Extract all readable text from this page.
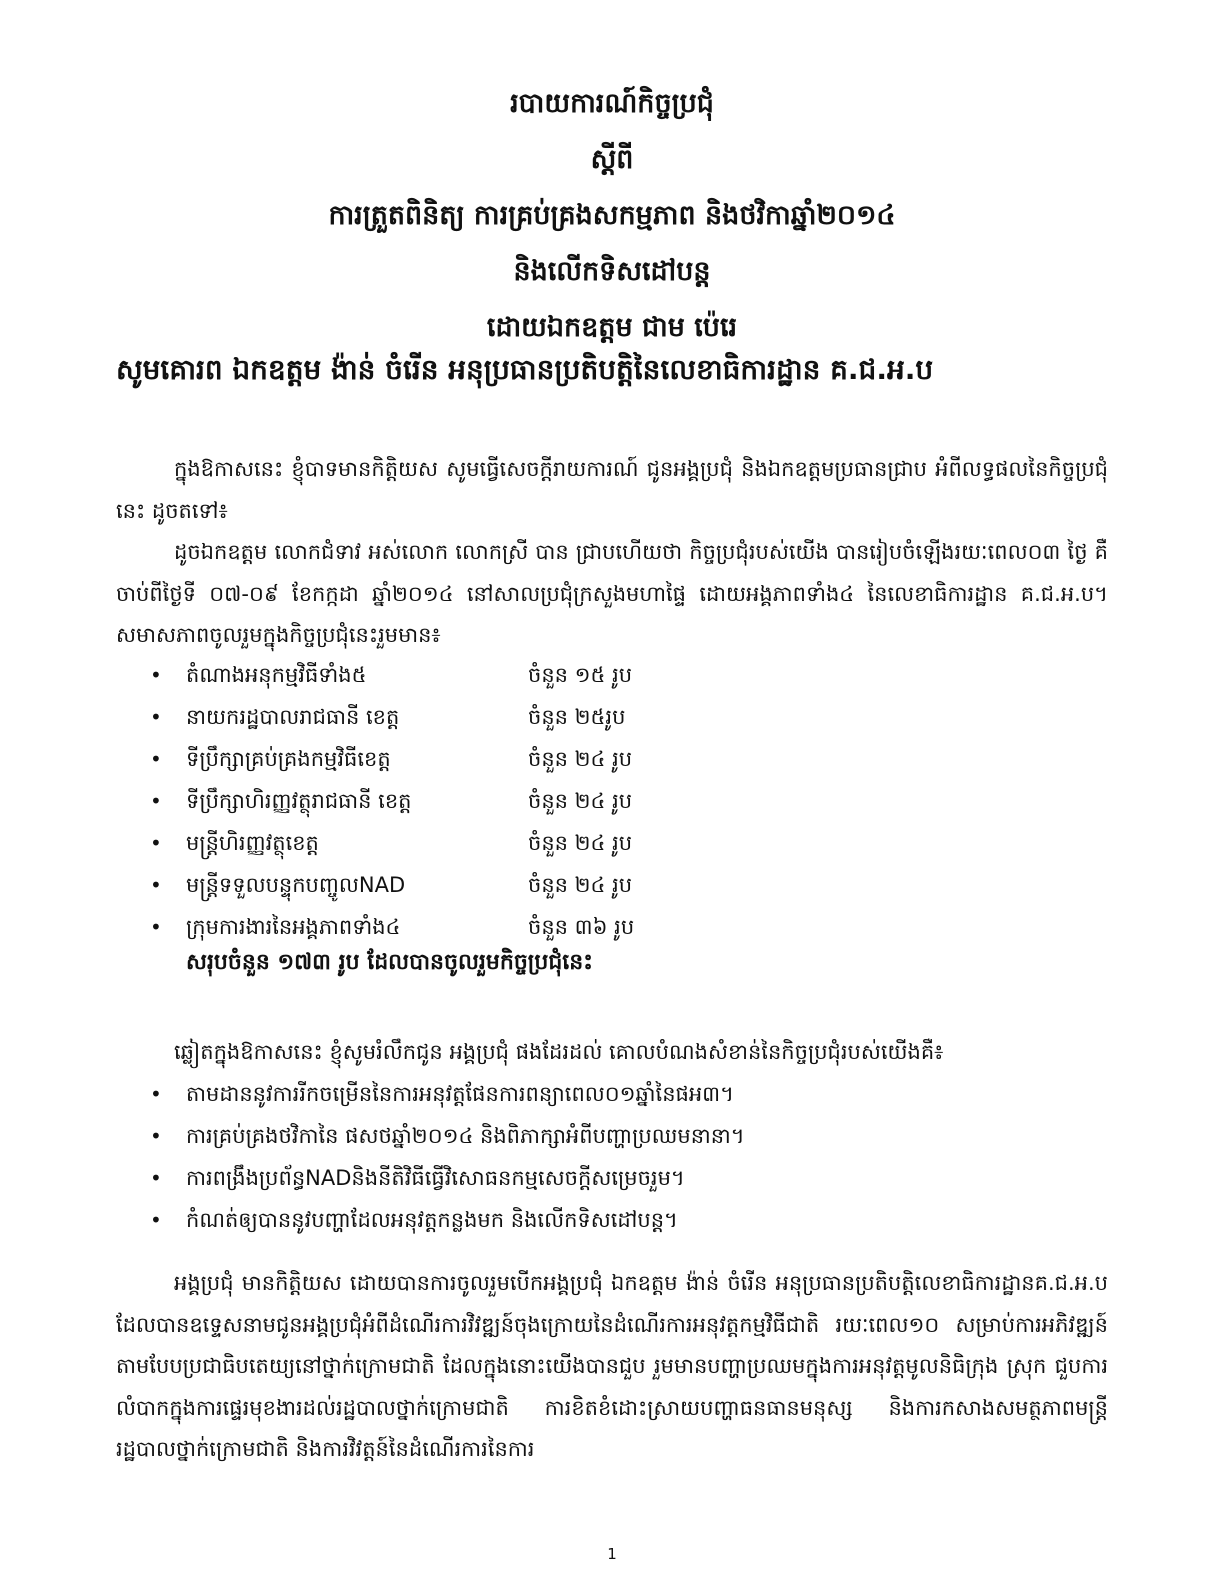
របាយការណ៍កិច្ចប្រជុំ
ស្តីពី
ការត្រួតពិនិត្យ ការគ្រប់គ្រងសកម្មភាព និងថវិកាឆ្នាំ២០១៤
និងលើកទិសដៅបន្ត
ដោយឯកឧត្តម ជាម ប៉េរេ
សូមគោរព ឯកឧត្តម ង៉ាន់ ចំរើន អនុប្រធានប្រតិបត្តិនៃលេខាធិការដ្ឋាន គ.ជ.អ.ប

ក្នុងឱកាសនេះ ខ្ញុំបាទមានកិត្តិយស សូមធ្វើសេចក្តីរាយការណ៍ ជូនអង្គប្រជុំ និងឯកឧត្តមប្រធានជ្រាប អំពីលទ្ធផលនៃកិច្ចប្រជុំនេះ ដូចតទៅ៖

ដូចឯកឧត្តម លោកជំទាវ អស់លោក លោកស្រី បាន ជ្រាបហើយថា កិច្ចប្រជុំរបស់យើង បានរៀបចំឡើងរយៈពេល០៣ ថ្ងៃ គឺចាប់ពីថ្ងៃទី ០៧-០៩ ខែកក្កដា ឆ្នាំ២០១៤ នៅសាលប្រជុំក្រសួងមហាផ្ទៃ ដោយអង្គភាពទាំង៤ នៃលេខាធិការដ្ឋាន គ.ជ.អ.ប។ សមាសភាពចូលរួមក្នុងកិច្ចប្រជុំនេះរួមមាន៖

• តំណាងអនុកម្មវិធីទាំង៥	ចំនួន ១៥ រូប
• នាយករដ្ឋបាលរាជធានី ខេត្ត	ចំនួន ២៥រូប
• ទីប្រឹក្សាគ្រប់គ្រងកម្មវិធីខេត្ត	ចំនួន ២៤ រូប
• ទីប្រឹក្សាហិរញ្ញវត្ថុរាជធានី ខេត្ត	ចំនួន ២៤ រូប
• មន្ត្រីហិរញ្ញវត្ថុខេត្ត	ចំនួន ២៤ រូប
• មន្ត្រីទទួលបន្ទុកបញ្ចូលNAD	ចំនួន ២៤ រូប
• ក្រុមការងារនៃអង្គភាពទាំង៤	ចំនួន ៣៦ រូប
សរុបចំនួន ១៧៣ រូប ដែលបានចូលរួមកិច្ចប្រជុំនេះ

ឆ្លៀតក្នុងឱកាសនេះ ខ្ញុំសូមរំលឹកជូន អង្គប្រជុំ ផងដែរដល់ គោលបំណងសំខាន់នៃកិច្ចប្រជុំរបស់យើងគឺ៖

• តាមដាននូវការរីកចម្រើននៃការអនុវត្តផែនការពន្យាពេល០១ឆ្នាំនៃផអ៣។
• ការគ្រប់គ្រងថវិកានៃ ផសថឆ្នាំ២០១៤ និងពិភាក្សាអំពីបញ្ហាប្រឈមនានា។
• ការពង្រឹងប្រព័ន្ធNADនិងនីតិវិធីធ្វើវិសោធនកម្មសេចក្តីសម្រេចរួម។
• កំណត់ឲ្យបាននូវបញ្ហាដែលអនុវត្តកន្លងមក និងលើកទិសដៅបន្ត។

អង្គប្រជុំ មានកិត្តិយស ដោយបានការចូលរួមបើកអង្គប្រជុំ ឯកឧត្តម ង៉ាន់ ចំរើន អនុប្រធានប្រតិបត្តិលេខាធិការដ្ឋានគ.ជ.អ.ប ដែលបានឧទ្ទេសនាមជូនអង្គប្រជុំអំពីដំណើរការវិវឌ្ឍន៍ចុងក្រោយនៃដំណើរការអនុវត្តកម្មវិធីជាតិ រយៈពេល១០ សម្រាប់ការអភិវឌ្ឍន៍តាមបែបប្រជាធិបតេយ្យនៅថ្នាក់ក្រោមជាតិ ដែលក្នុងនោះយើងបានជួប រួមមានបញ្ហាប្រឈមក្នុងការអនុវត្តមូលនិធិក្រុង ស្រុក ជួបការលំបាកក្នុងការផ្ទេរមុខងារដល់រដ្ឋបាលថ្នាក់ក្រោមជាតិ ការខិតខំដោះស្រាយបញ្ហាធនធានមនុស្ស និងការកសាងសមត្ថភាពមន្ត្រីរដ្ឋបាលថ្នាក់ក្រោមជាតិ និងការវិវត្តន៍នៃដំណើរការនៃការ

1
